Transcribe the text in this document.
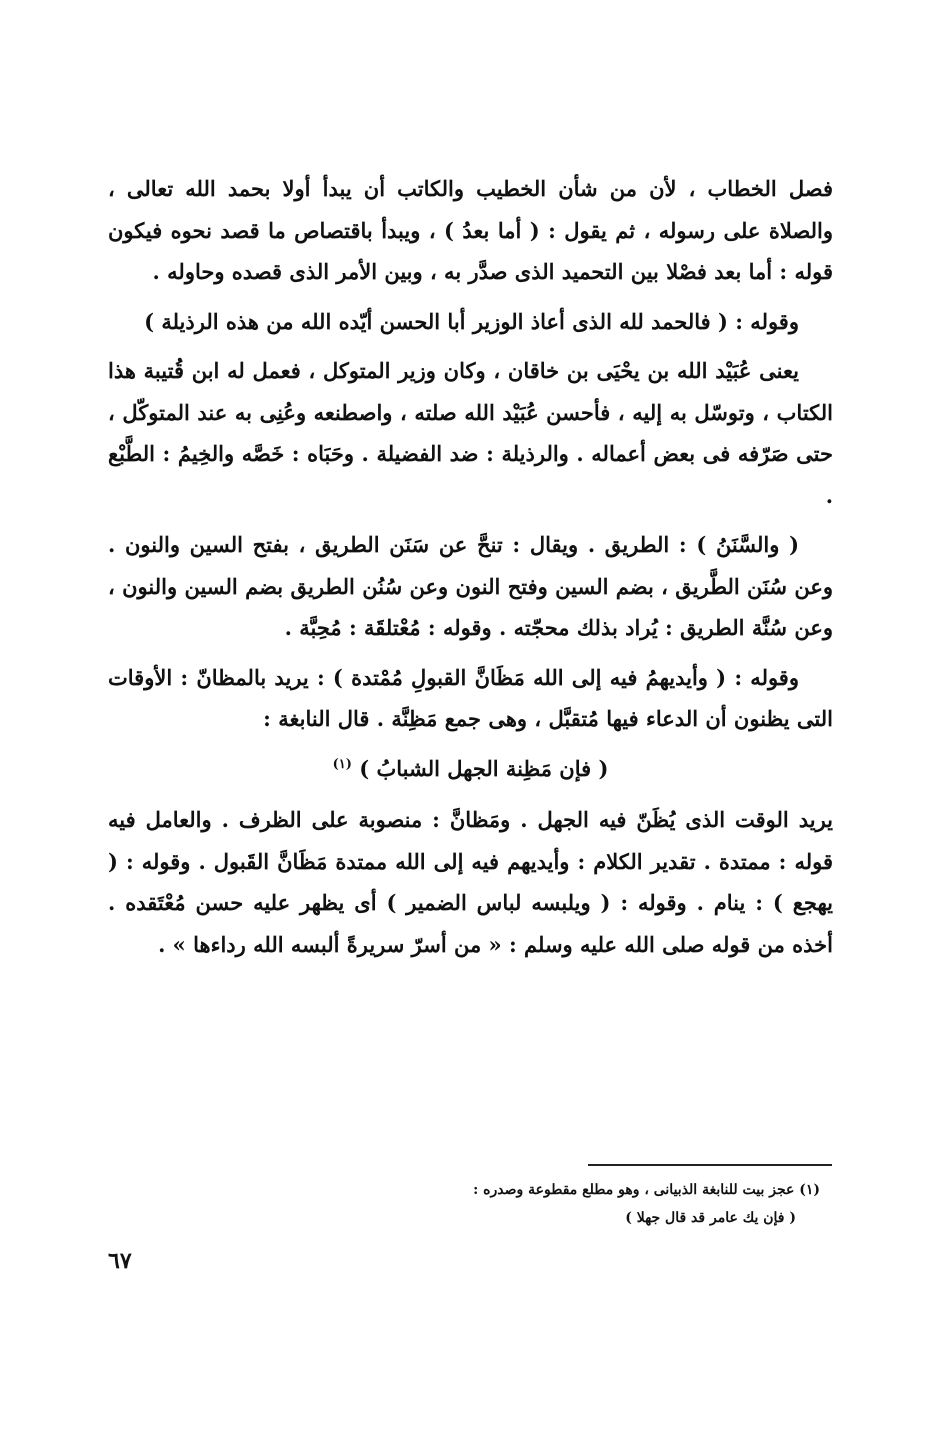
فصل الخطاب ، لأن من شأن الخطيب والكاتب أن يبدأ أولا بحمد الله تعالى ، والصلاة على رسوله ، ثم يقول : ( أما بعدُ ) ، ويبدأ باقتصاص ما قصد نحوه فيكون قوله : أما بعد فصْلا بين التحميد الذى صدَّر به ، وبين الأمر الذى قصده وحاوله .

وقوله : ( فالحمد لله الذى أعاذ الوزير أبا الحسن أيّده الله من هذه الرذيلة )

يعنى عُبَيْد الله بن يحْيَى بن خاقان ، وكان وزير المتوكل ، فعمل له ابن قُتيبة هذا الكتاب ، وتوسّل به إليه ، فأحسن عُبَيْد الله صلته ، واصطنعه وعُنِى به عند المتوكّل ، حتى صَرّفه فى بعض أعماله . والرذيلة : ضد الفضيلة . وحَبَاه : خَصَّه والخِيمُ : الطَّبْع .

( والسَّنَنُ ) : الطريق . ويقال : تنحَّ عن سَنَن الطريق ، بفتح السين والنون . وعن سُنَن الطَّريق ، بضم السين وفتح النون وعن سُنُن الطريق بضم السين والنون ، وعن سُنَّة الطريق : يُراد بذلك محجّته . وقوله : مُعْتلقَة : مُحِبَّة .

وقوله : ( وأيديهمُ فيه إلى الله مَظَانَّ القبولِ مُمْتدة ) : يريد بالمظانّ : الأوقات التى يظنون أن الدعاء فيها مُتقبَّل ، وهى جمع مَظِنَّة . قال النابغة :

( فإن مَظِنة الجهل الشبابُ ) $^{(١)}$

يريد الوقت الذى يُظَنّ فيه الجهل . ومَظانَّ : منصوبة على الظرف . والعامل فيه قوله : ممتدة . تقدير الكلام : وأيديهم فيه إلى الله ممتدة مَظَانَّ القَبول . وقوله : ( يهجع ) : ينام . وقوله : ( ويلبسه لباس الضمير ) أى يظهر عليه حسن مُعْتَقده . أخذه من قوله صلى الله عليه وسلم : « من أسرّ سريرةً ألبسه الله رداءها » .

(١) عجز بيت للنابغة الذبيانى ، وهو مطلع مقطوعة وصدره :
( فإن يك عامر قد قال جهلا )
٦٧
